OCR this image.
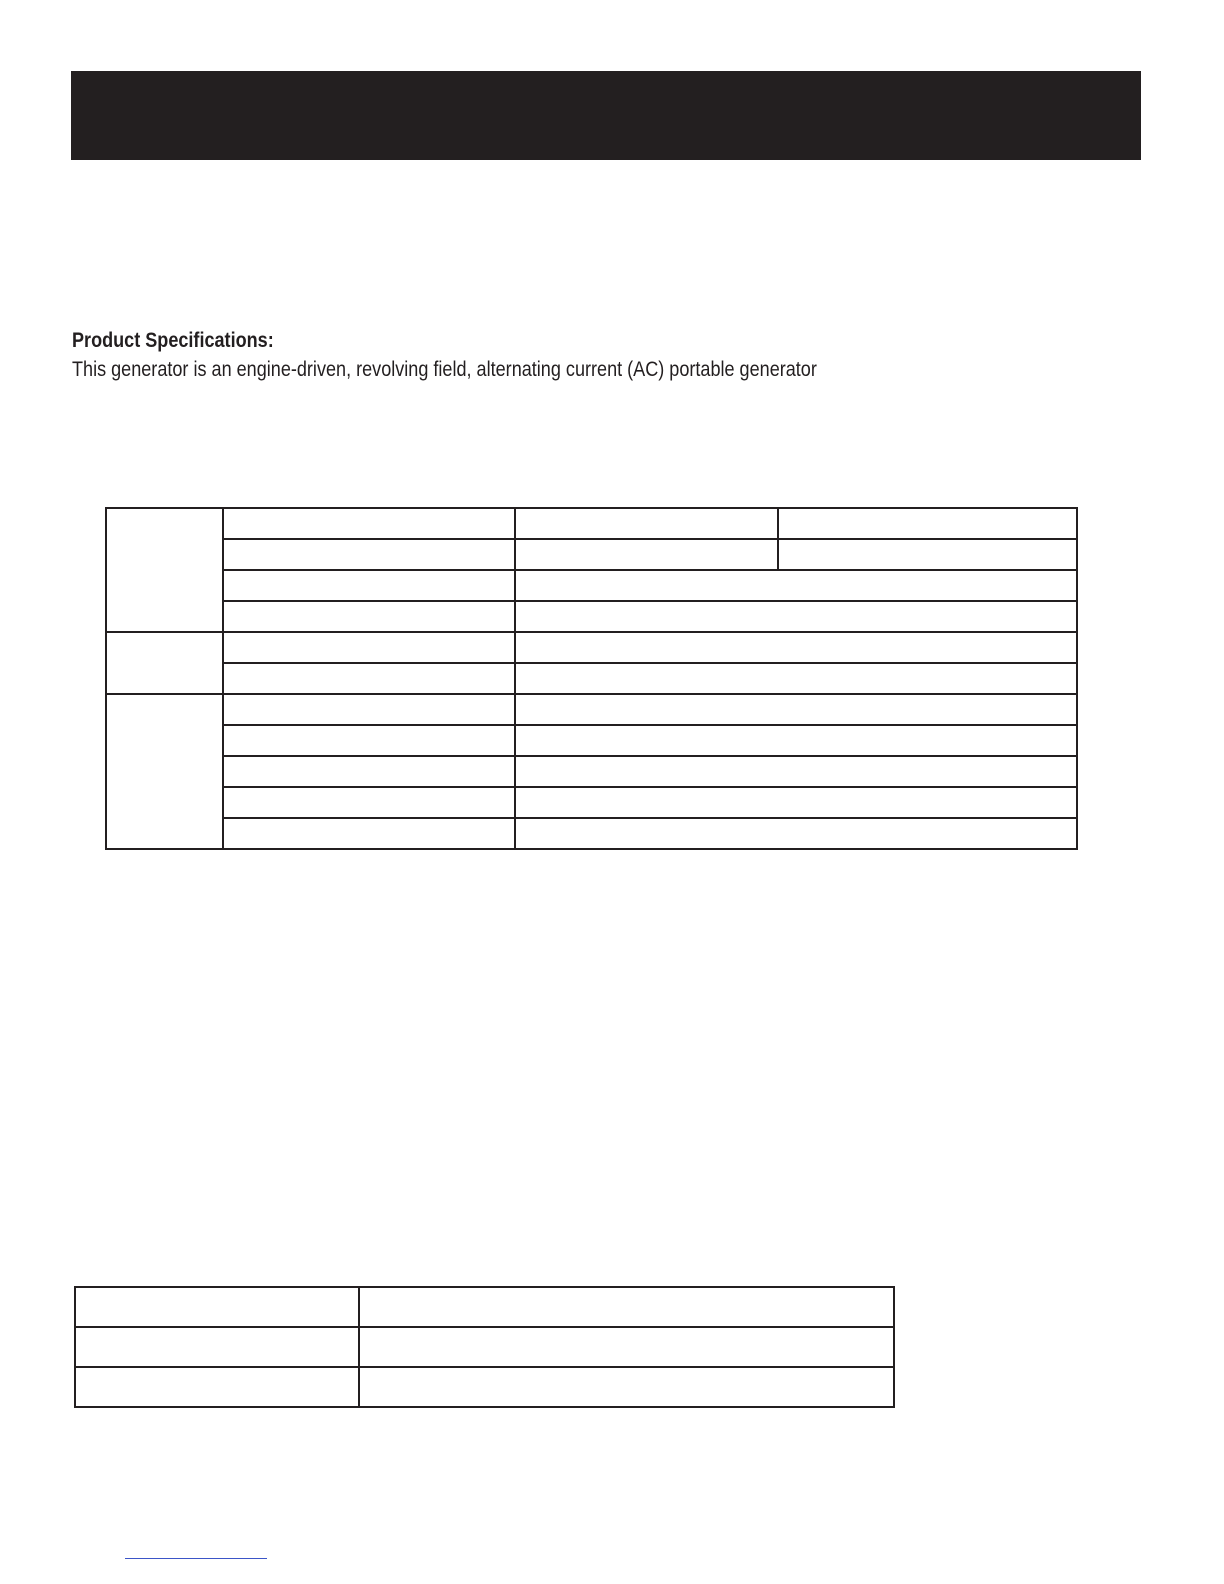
Product Specifications:

This generator is an engine-driven, revolving field, alternating current (AC) portable generator
